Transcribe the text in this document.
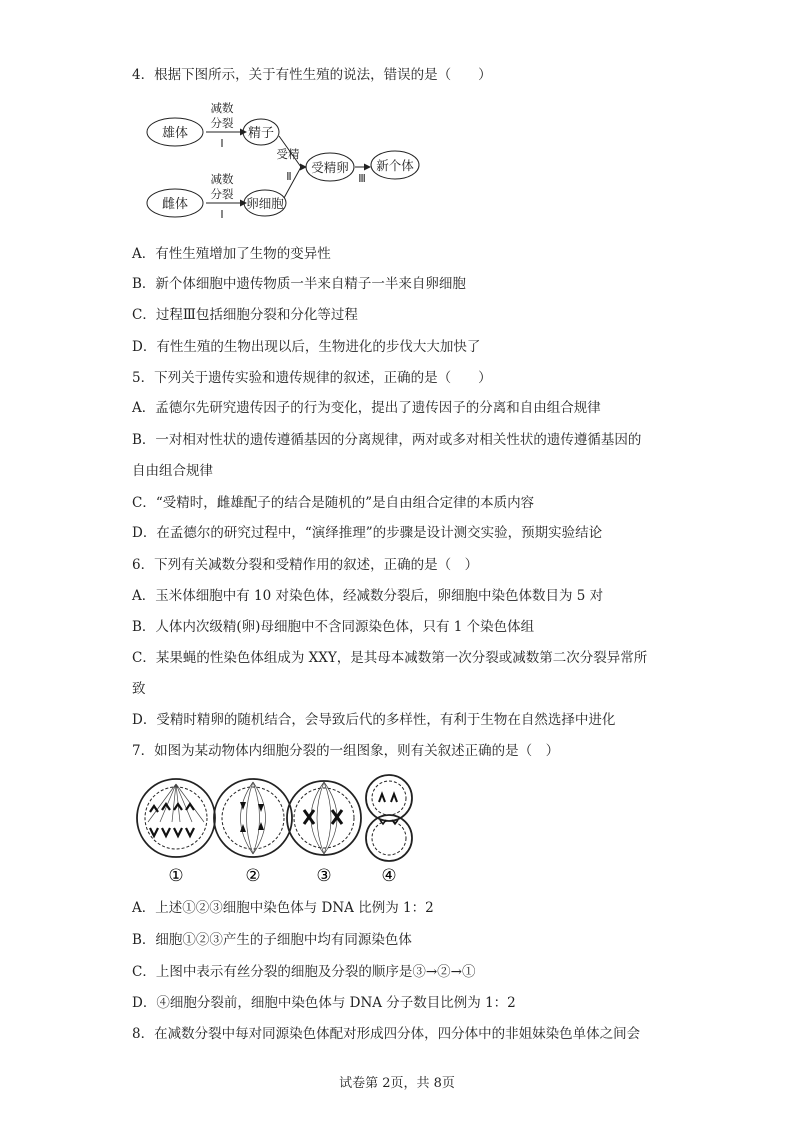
4．根据下图所示，关于有性生殖的说法，错误的是（　　）
雄体
减数
分裂
I
精子
雌体
减数
分裂
I
卵细胞
受精
Ⅱ
受精卵
Ⅲ
新个体
A．有性生殖增加了生物的变异性
B．新个体细胞中遗传物质一半来自精子一半来自卵细胞
C．过程Ⅲ包括细胞分裂和分化等过程
D．有性生殖的生物出现以后，生物进化的步伐大大加快了
5．下列关于遗传实验和遗传规律的叙述，正确的是（　　）
A．孟德尔先研究遗传因子的行为变化，提出了遗传因子的分离和自由组合规律
B．一对相对性状的遗传遵循基因的分离规律，两对或多对相关性状的遗传遵循基因的
自由组合规律
C．“受精时，雌雄配子的结合是随机的”是自由组合定律的本质内容
D．在孟德尔的研究过程中，“演绎推理”的步骤是设计测交实验，预期实验结论
6．下列有关减数分裂和受精作用的叙述，正确的是（　）
A．玉米体细胞中有 10 对染色体，经减数分裂后，卵细胞中染色体数目为 5 对
B．人体内次级精(卵)母细胞中不含同源染色体，只有 1 个染色体组
C．某果蝇的性染色体组成为 XXY，是其母本减数第一次分裂或减数第二次分裂异常所
致
D．受精时精卵的随机结合，会导致后代的多样性，有利于生物在自然选择中进化
7．如图为某动物体内细胞分裂的一组图象，则有关叙述正确的是（　）
①	②	③	④
A．上述①②③细胞中染色体与 DNA 比例为 1：2
B．细胞①②③产生的子细胞中均有同源染色体
C．上图中表示有丝分裂的细胞及分裂的顺序是③→②→①
D．④细胞分裂前，细胞中染色体与 DNA 分子数目比例为 1：2
8．在减数分裂中每对同源染色体配对形成四分体，四分体中的非姐妹染色单体之间会
试卷第 2页，共 8页
